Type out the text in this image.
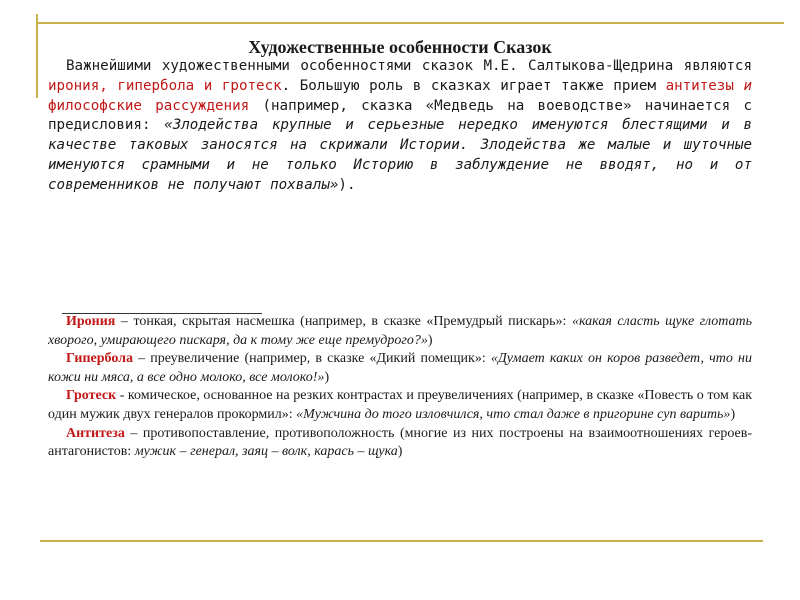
Художественные особенности Сказок
Важнейшими художественными особенностями сказок М.Е. Салтыкова-Щедрина являются ирония, гипербола и гротеск. Большую роль в сказках играет также прием антитезы и философские рассуждения (например, сказка «Медведь на воеводстве» начинается с предисловия: «Злодейства крупные и серьезные нередко именуются блестящими и в качестве таковых заносятся на скрижали Истории. Злодейства же малые и шуточные именуются срамными и не только Историю в заблуждение не вводят, но и от современников не получают похвалы»).

Ирония – тонкая, скрытая насмешка (например, в сказке «Премудрый пискарь»: «какая сласть щуке глотать хворого, умирающего пискаря, да к тому же еще премудрого?»)

Гипербола – преувеличение (например, в сказке «Дикий помещик»: «Думает каких он коров разведет, что ни кожи ни мяса, а все одно молоко, все молоко!»)

Гротеск - комическое, основанное на резких контрастах и преувеличениях (например, в сказке «Повесть о том как один мужик двух генералов прокормил»: «Мужчина до того изловчился, что стал даже в пригорине суп варить»)

Антитеза – противопоставление, противоположность (многие из них построены на взаимоотношениях героев-антагонистов: мужик – генерал, заяц – волк, карась – щука)
